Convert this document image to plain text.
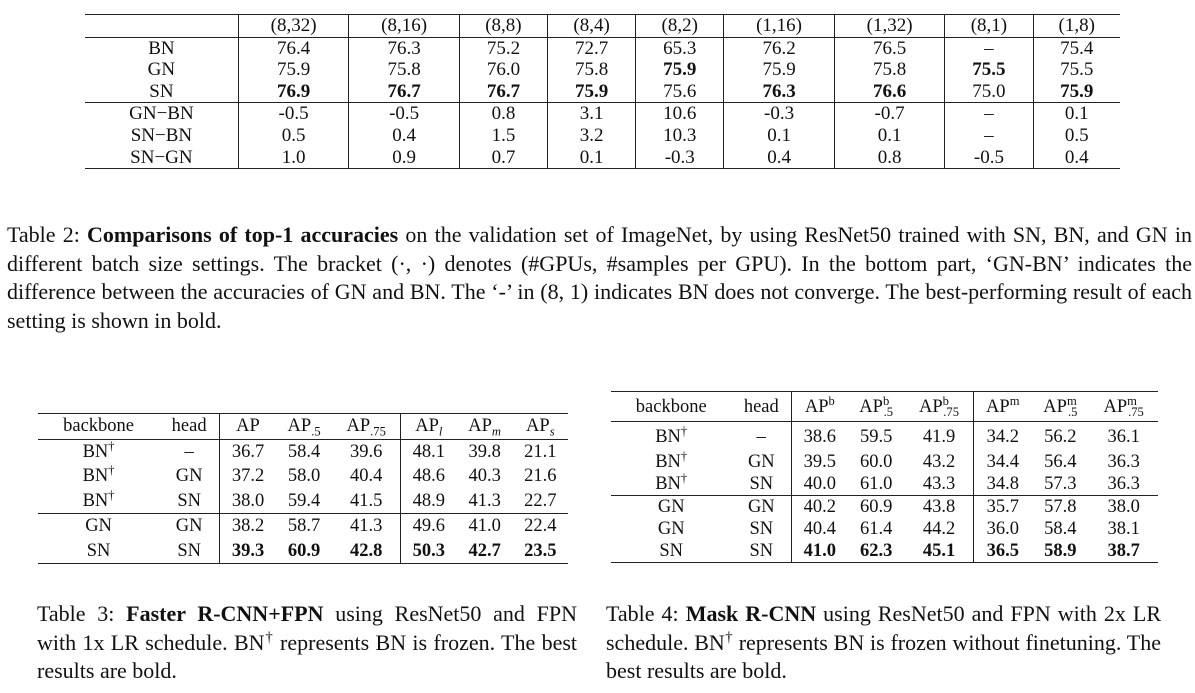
	(8,32)	(8,16)	(8,8)	(8,4)	(8,2)	(1,16)	(1,32)	(8,1)	(1,8)
BN	76.4	76.3	75.2	72.7	65.3	76.2	76.5	–	75.4
GN	75.9	75.8	76.0	75.8	75.9	75.9	75.8	75.5	75.5
SN	76.9	76.7	76.7	75.9	75.6	76.3	76.6	75.0	75.9
GN−BN	-0.5	-0.5	0.8	3.1	10.6	-0.3	-0.7	–	0.1
SN−BN	0.5	0.4	1.5	3.2	10.3	0.1	0.1	–	0.5
SN−GN	1.0	0.9	0.7	0.1	-0.3	0.4	0.8	-0.5	0.4
Table 2: Comparisons of top-1 accuracies on the validation set of ImageNet, by using ResNet50 trained with SN, BN, and GN in different batch size settings. The bracket (·, ·) denotes (#GPUs, #samples per GPU). In the bottom part, ‘GN-BN’ indicates the difference between the accuracies of GN and BN. The ‘-’ in (8, 1) indicates BN does not converge. The best-performing result of each setting is shown in bold.
backbone	head	AP	$AP_{.5}$	$AP_{.75}$	$AP_l$	$AP_m$	$AP_s$
BN†	–	36.7	58.4	39.6	48.1	39.8	21.1
BN†	GN	37.2	58.0	40.4	48.6	40.3	21.6
BN†	SN	38.0	59.4	41.5	48.9	41.3	22.7
GN	GN	38.2	58.7	41.3	49.6	41.0	22.4
SN	SN	39.3	60.9	42.8	50.3	42.7	23.5
Table 3: Faster R-CNN+FPN using ResNet50 and FPN with 1x LR schedule. BN† represents BN is frozen. The best results are bold.
backbone	head	$AP^b$	$AP^b_{.5}$	$AP^b_{.75}$	$AP^m$	$AP^m_{.5}$	$AP^m_{.75}$
BN†	–	38.6	59.5	41.9	34.2	56.2	36.1
BN†	GN	39.5	60.0	43.2	34.4	56.4	36.3
BN†	SN	40.0	61.0	43.3	34.8	57.3	36.3
GN	GN	40.2	60.9	43.8	35.7	57.8	38.0
GN	SN	40.4	61.4	44.2	36.0	58.4	38.1
SN	SN	41.0	62.3	45.1	36.5	58.9	38.7
Table 4: Mask R-CNN using ResNet50 and FPN with 2x LR schedule. BN† represents BN is frozen without finetuning. The best results are bold.
